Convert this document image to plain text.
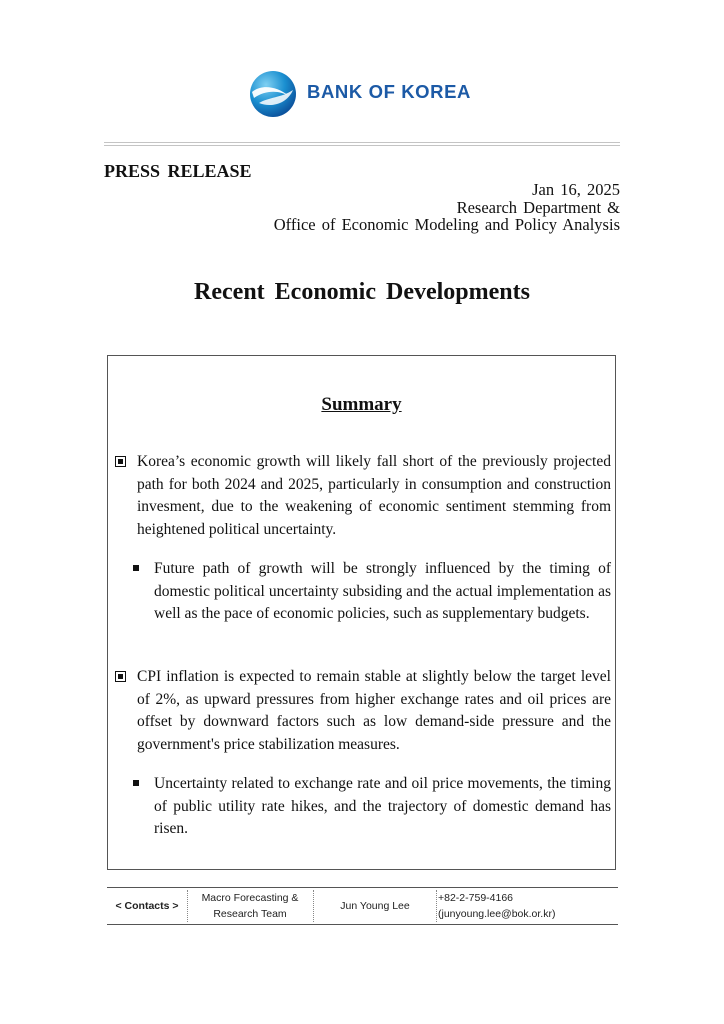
BANK OF KOREA
PRESS RELEASE
Jan 16, 2025
Research Department &
Office of Economic Modeling and Policy Analysis
Recent Economic Developments
Summary
Korea’s economic growth will likely fall short of the previously projected path for both 2024 and 2025, particularly in consumption and construction invesment, due to the weakening of economic sentiment stemming from heightened political uncertainty.
Future path of growth will be strongly influenced by the timing of domestic political uncertainty subsiding and the actual implementation as well as the pace of economic policies, such as supplementary budgets.
CPI inflation is expected to remain stable at slightly below the target level of 2%, as upward pressures from higher exchange rates and oil prices are offset by downward factors such as low demand-side pressure and the government's price stabilization measures.
Uncertainty related to exchange rate and oil price movements, the timing of public utility rate hikes, and the trajectory of domestic demand has risen.
< Contacts >
Macro Forecasting &
Research Team
Jun Young Lee
+82-2-759-4166
(junyoung.lee@bok.or.kr)
